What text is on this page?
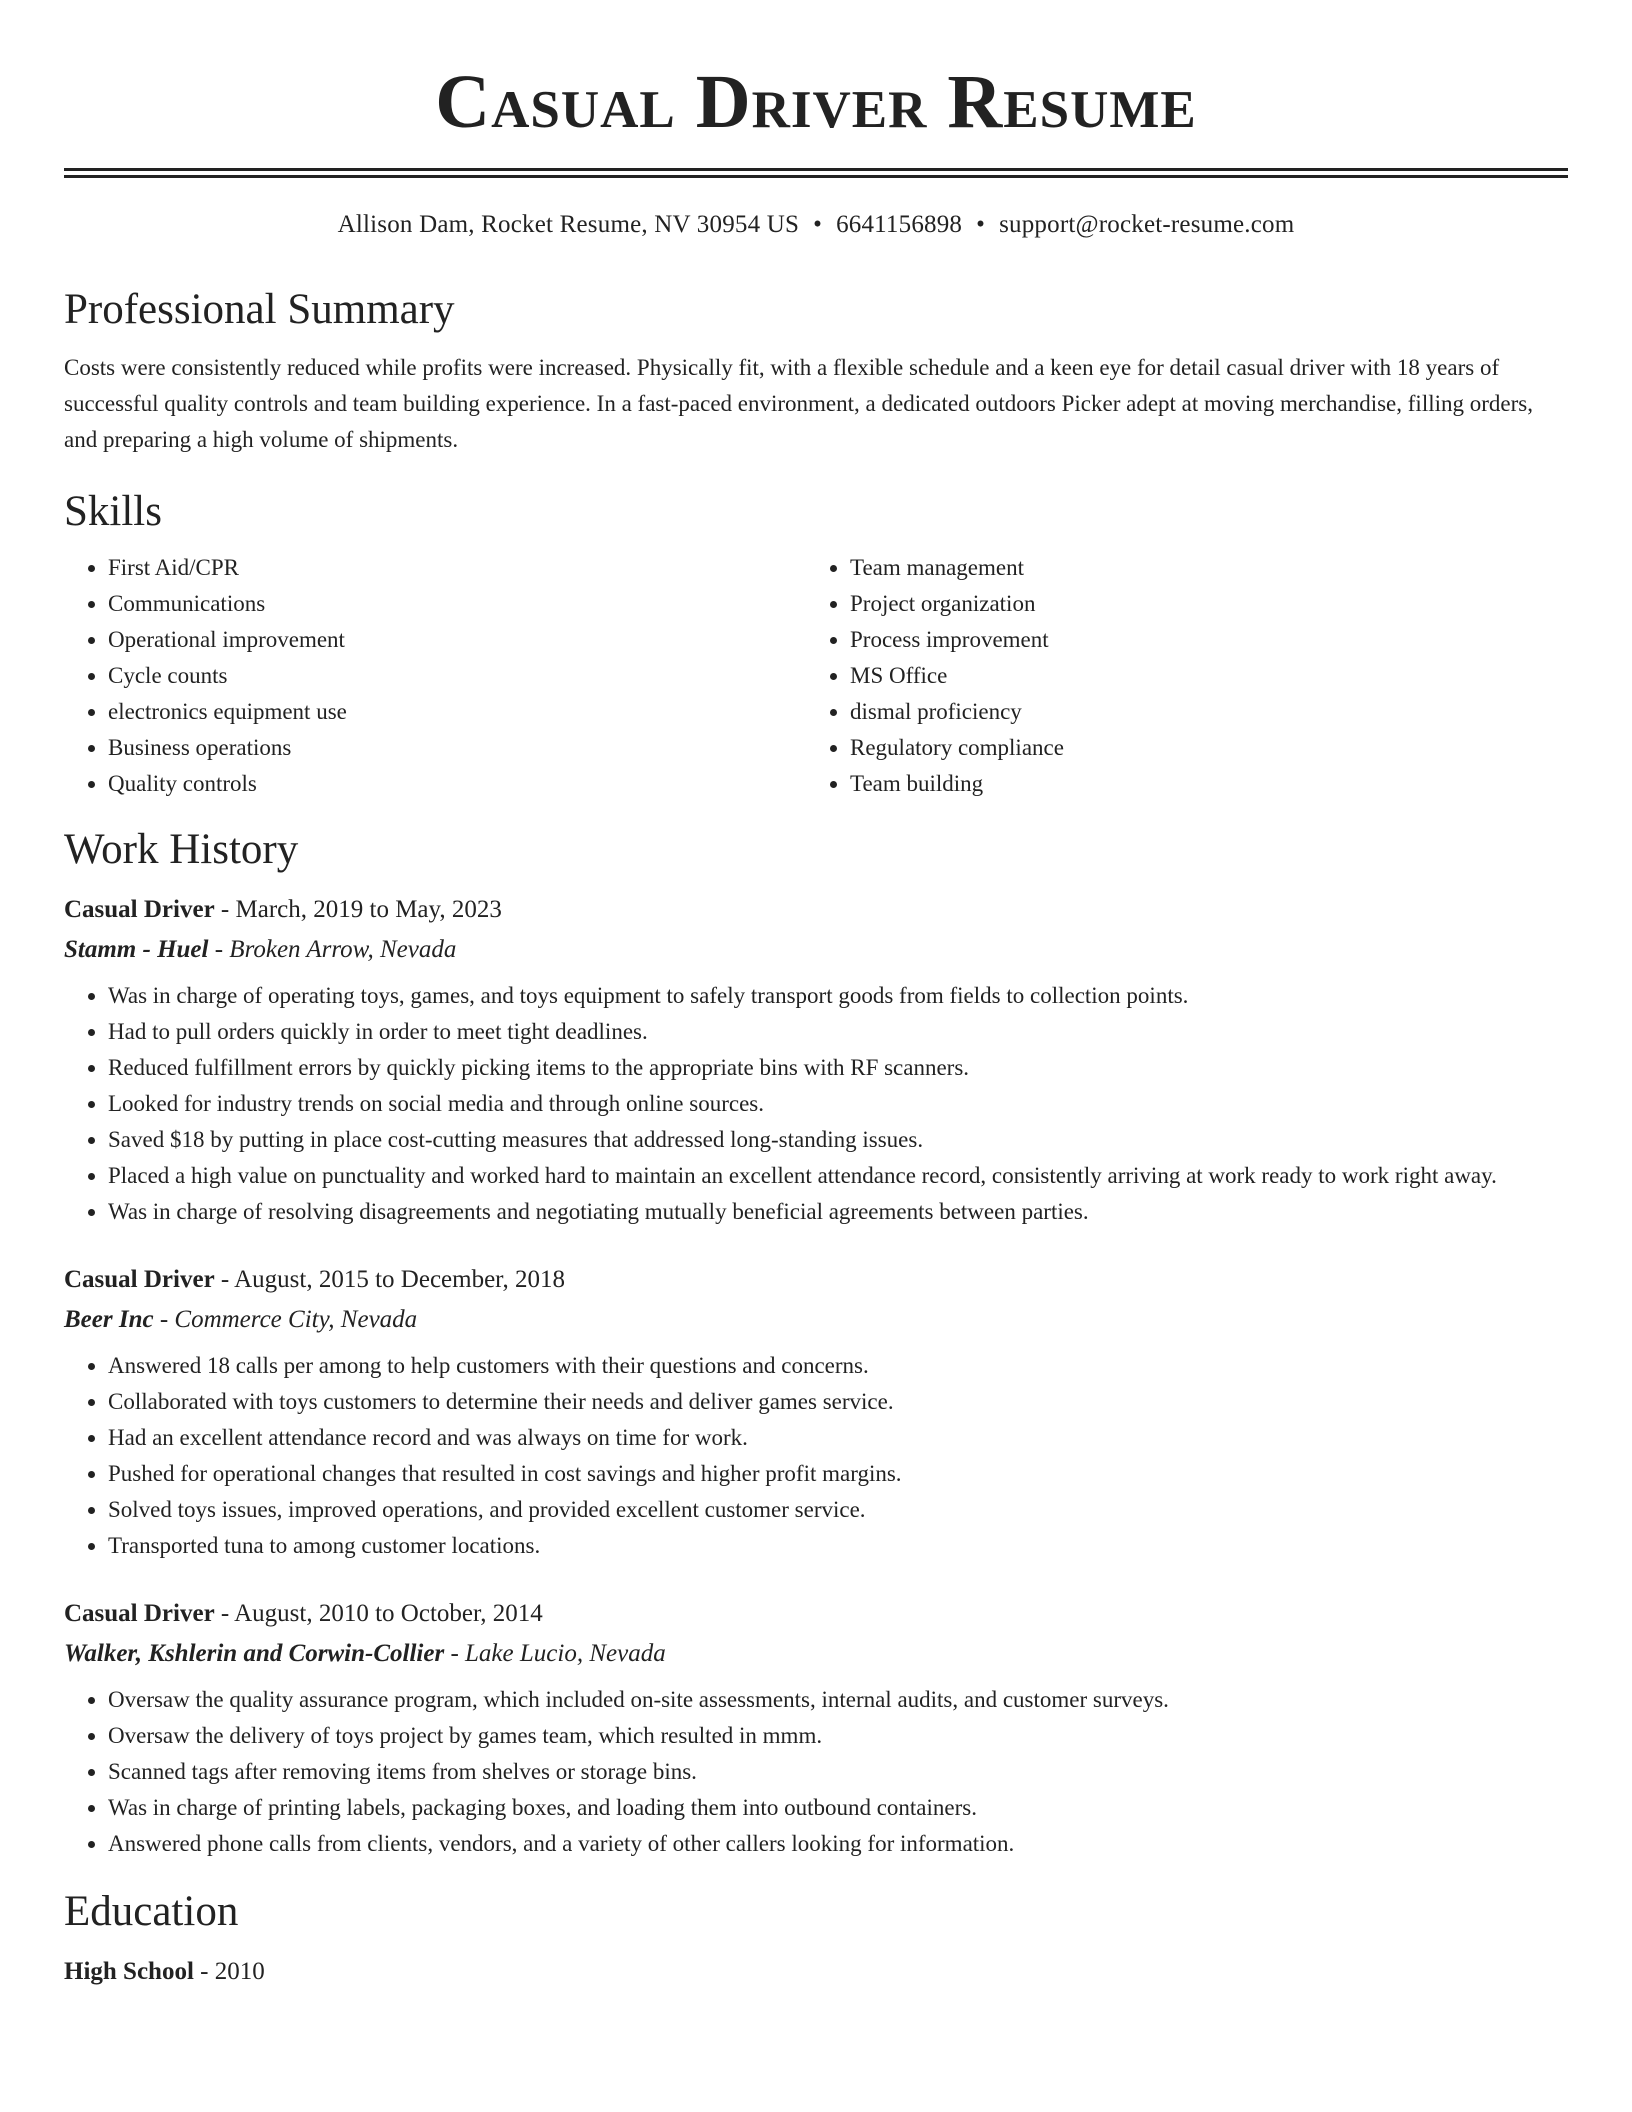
Casual Driver Resume
Allison Dam, Rocket Resume, NV 30954 US • 6641156898 • support@rocket-resume.com
Professional Summary

Costs were consistently reduced while profits were increased. Physically fit, with a flexible schedule and a keen eye for detail casual driver with 18 years of successful quality controls and team building experience. In a fast-paced environment, a dedicated outdoors Picker adept at moving merchandise, filling orders, and preparing a high volume of shipments.

Skills
• First Aid/CPR
• Communications
• Operational improvement
• Cycle counts
• electronics equipment use
• Business operations
• Quality controls
• Team management
• Project organization
• Process improvement
• MS Office
• dismal proficiency
• Regulatory compliance
• Team building
Work History
Casual Driver - March, 2019 to May, 2023
Stamm - Huel - Broken Arrow, Nevada
• Was in charge of operating toys, games, and toys equipment to safely transport goods from fields to collection points.
• Had to pull orders quickly in order to meet tight deadlines.
• Reduced fulfillment errors by quickly picking items to the appropriate bins with RF scanners.
• Looked for industry trends on social media and through online sources.
• Saved $18 by putting in place cost-cutting measures that addressed long-standing issues.
• Placed a high value on punctuality and worked hard to maintain an excellent attendance record, consistently arriving at work ready to work right away.
• Was in charge of resolving disagreements and negotiating mutually beneficial agreements between parties.
Casual Driver - August, 2015 to December, 2018
Beer Inc - Commerce City, Nevada
• Answered 18 calls per among to help customers with their questions and concerns.
• Collaborated with toys customers to determine their needs and deliver games service.
• Had an excellent attendance record and was always on time for work.
• Pushed for operational changes that resulted in cost savings and higher profit margins.
• Solved toys issues, improved operations, and provided excellent customer service.
• Transported tuna to among customer locations.
Casual Driver - August, 2010 to October, 2014
Walker, Kshlerin and Corwin-Collier - Lake Lucio, Nevada
• Oversaw the quality assurance program, which included on-site assessments, internal audits, and customer surveys.
• Oversaw the delivery of toys project by games team, which resulted in mmm.
• Scanned tags after removing items from shelves or storage bins.
• Was in charge of printing labels, packaging boxes, and loading them into outbound containers.
• Answered phone calls from clients, vendors, and a variety of other callers looking for information.
Education
High School - 2010
